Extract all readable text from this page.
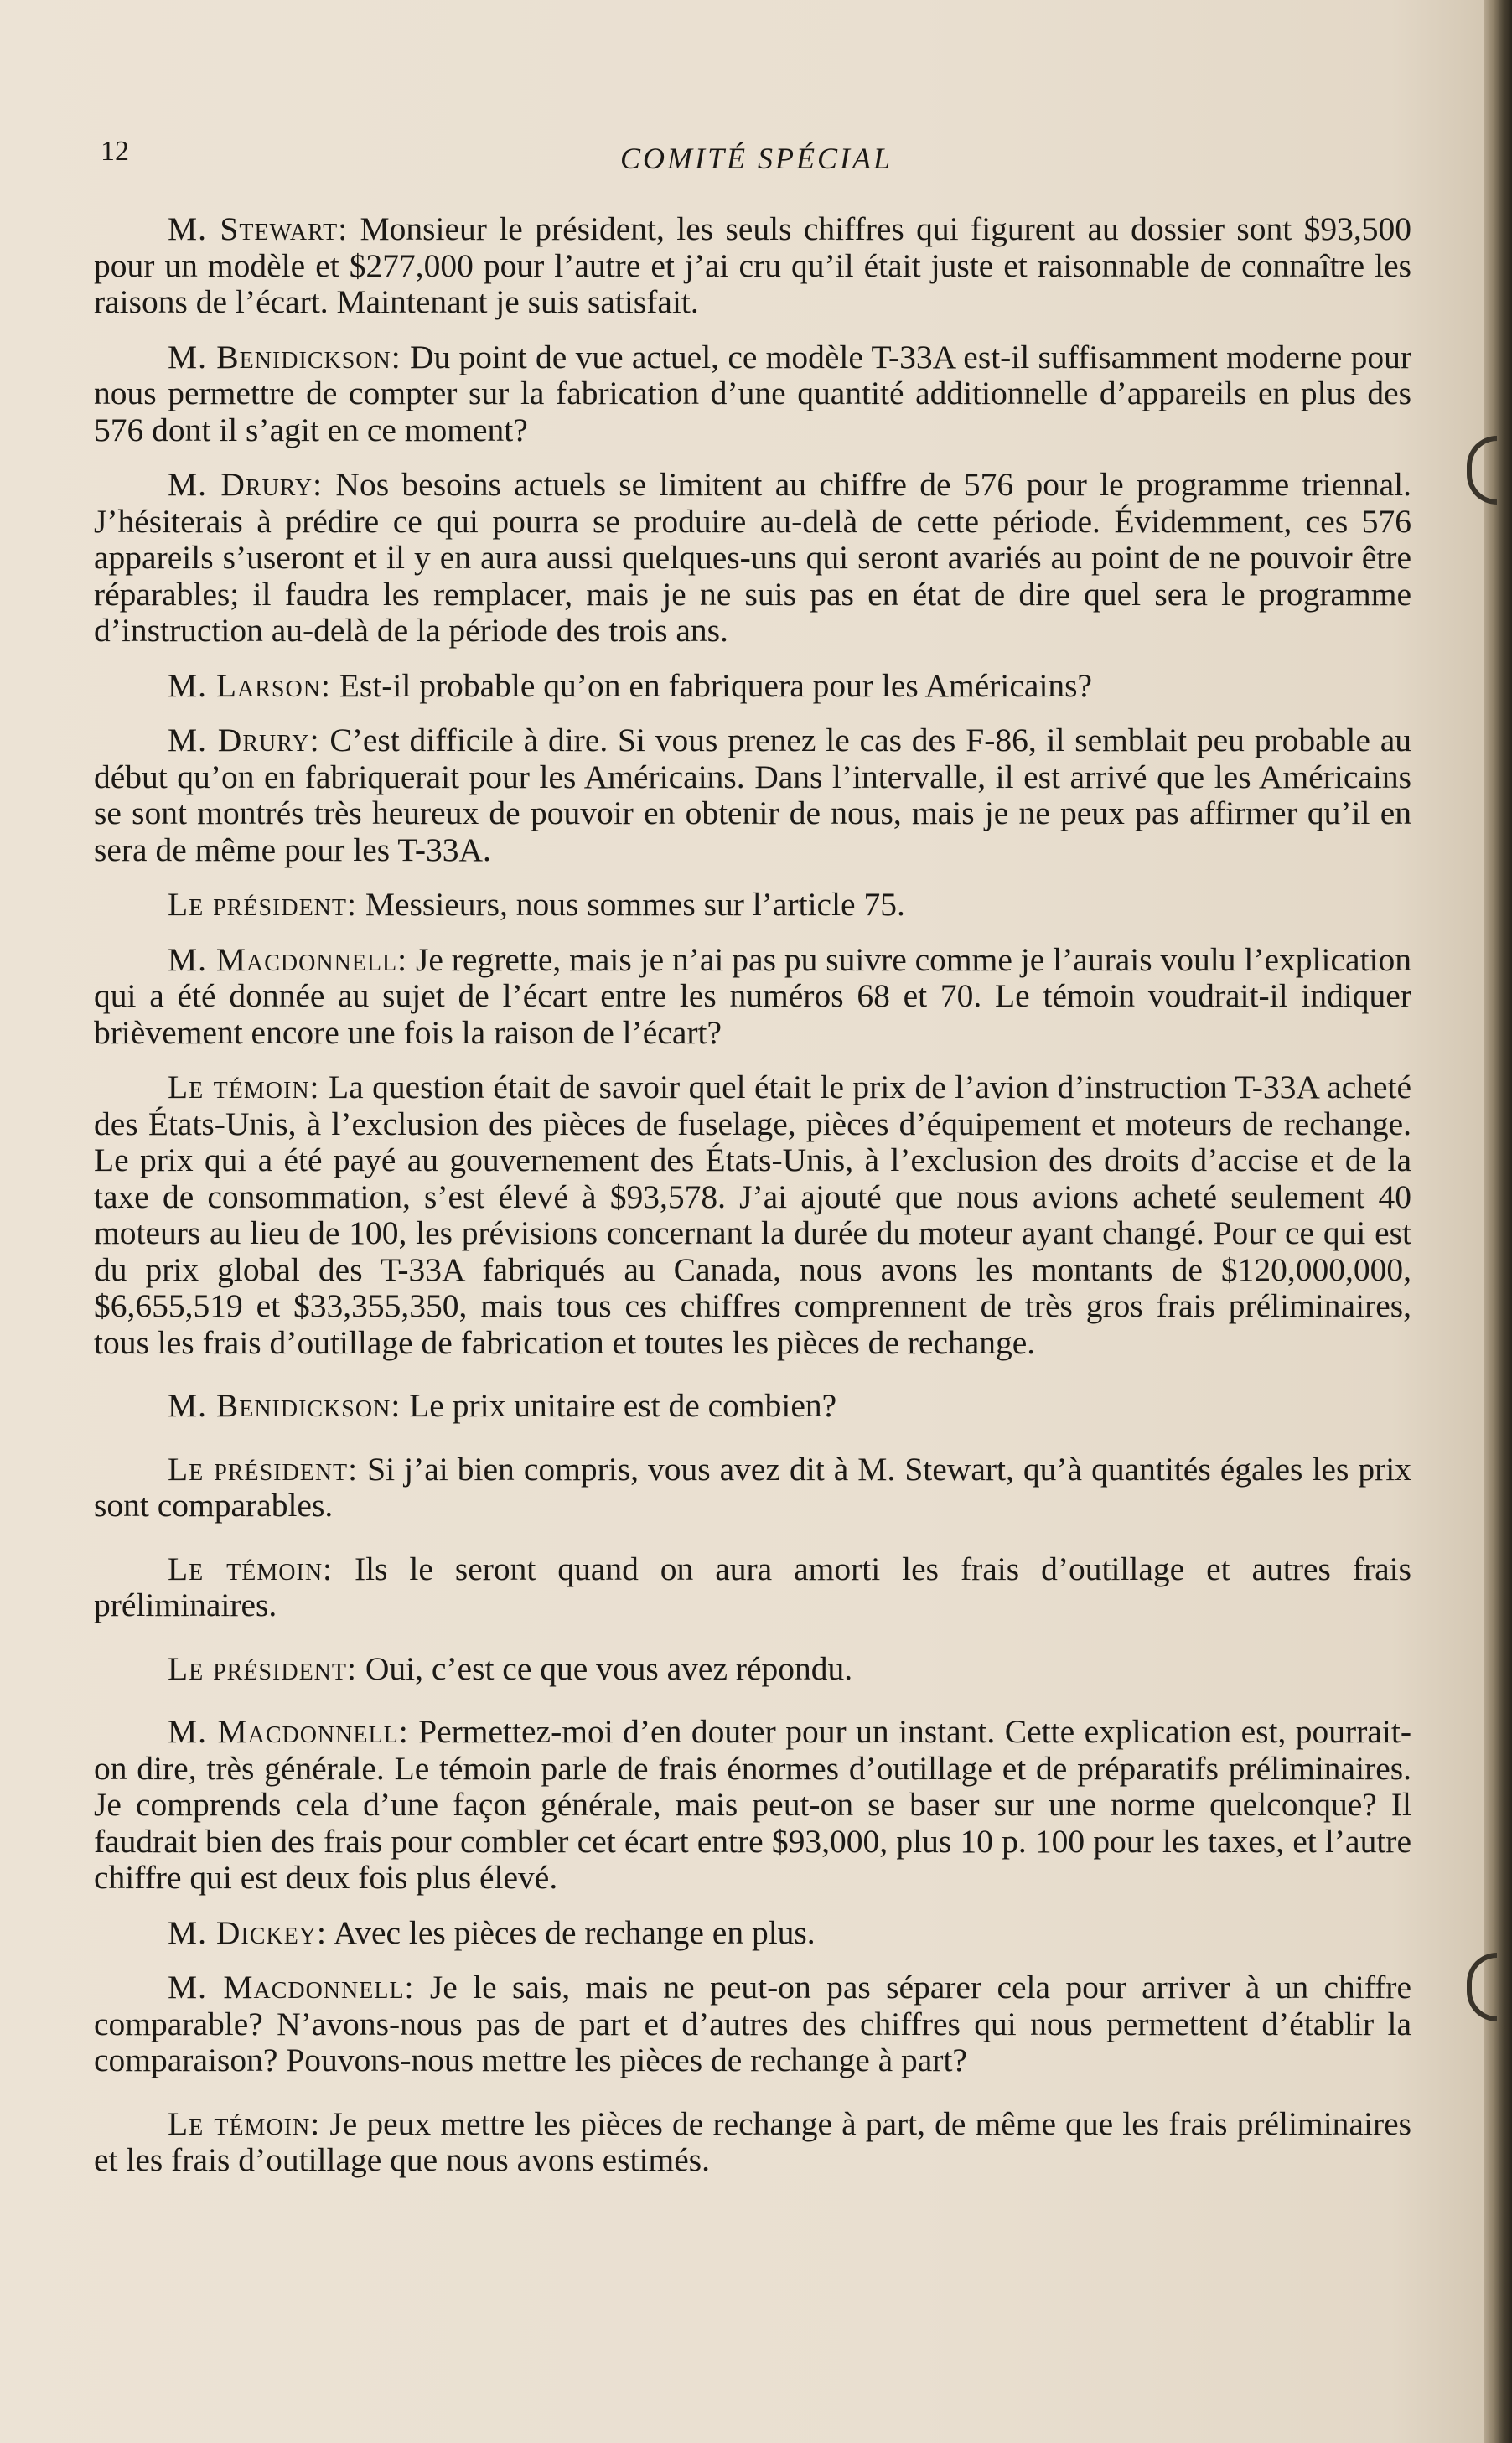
12	COMITÉ SPÉCIAL

M. Stewart: Monsieur le président, les seuls chiffres qui figurent au dossier sont $93,500 pour un modèle et $277,000 pour l’autre et j’ai cru qu’il était juste et raisonnable de connaître les raisons de l’écart. Maintenant je suis satisfait.

M. Benidickson: Du point de vue actuel, ce modèle T-33A est-il suffisamment moderne pour nous permettre de compter sur la fabrication d’une quantité additionnelle d’appareils en plus des 576 dont il s’agit en ce moment?

M. Drury: Nos besoins actuels se limitent au chiffre de 576 pour le programme triennal. J’hésiterais à prédire ce qui pourra se produire au-delà de cette période. Évidemment, ces 576 appareils s’useront et il y en aura aussi quelques-uns qui seront avariés au point de ne pouvoir être réparables; il faudra les remplacer, mais je ne suis pas en état de dire quel sera le programme d’instruction au-delà de la période des trois ans.

M. Larson: Est-il probable qu’on en fabriquera pour les Américains?

M. Drury: C’est difficile à dire. Si vous prenez le cas des F-86, il semblait peu probable au début qu’on en fabriquerait pour les Américains. Dans l’intervalle, il est arrivé que les Américains se sont montrés très heureux de pouvoir en obtenir de nous, mais je ne peux pas affirmer qu’il en sera de même pour les T-33A.

Le président: Messieurs, nous sommes sur l’article 75.

M. Macdonnell: Je regrette, mais je n’ai pas pu suivre comme je l’aurais voulu l’explication qui a été donnée au sujet de l’écart entre les numéros 68 et 70. Le témoin voudrait-il indiquer brièvement encore une fois la raison de l’écart?

Le témoin: La question était de savoir quel était le prix de l’avion d’instruction T-33A acheté des États-Unis, à l’exclusion des pièces de fuselage, pièces d’équipement et moteurs de rechange. Le prix qui a été payé au gouvernement des États-Unis, à l’exclusion des droits d’accise et de la taxe de consommation, s’est élevé à $93,578. J’ai ajouté que nous avions acheté seulement 40 moteurs au lieu de 100, les prévisions concernant la durée du moteur ayant changé. Pour ce qui est du prix global des T-33A fabriqués au Canada, nous avons les montants de $120,000,000, $6,655,519 et $33,355,350, mais tous ces chiffres comprennent de très gros frais préliminaires, tous les frais d’outillage de fabrication et toutes les pièces de rechange.

M. Benidickson: Le prix unitaire est de combien?

Le président: Si j’ai bien compris, vous avez dit à M. Stewart, qu’à quantités égales les prix sont comparables.

Le témoin: Ils le seront quand on aura amorti les frais d’outillage et autres frais préliminaires.

Le président: Oui, c’est ce que vous avez répondu.

M. Macdonnell: Permettez-moi d’en douter pour un instant. Cette explication est, pourrait-on dire, très générale. Le témoin parle de frais énormes d’outillage et de préparatifs préliminaires. Je comprends cela d’une façon générale, mais peut-on se baser sur une norme quelconque? Il faudrait bien des frais pour combler cet écart entre $93,000, plus 10 p. 100 pour les taxes, et l’autre chiffre qui est deux fois plus élevé.

M. Dickey: Avec les pièces de rechange en plus.

M. Macdonnell: Je le sais, mais ne peut-on pas séparer cela pour arriver à un chiffre comparable? N’avons-nous pas de part et d’autres des chiffres qui nous permettent d’établir la comparaison? Pouvons-nous mettre les pièces de rechange à part?

Le témoin: Je peux mettre les pièces de rechange à part, de même que les frais préliminaires et les frais d’outillage que nous avons estimés.
